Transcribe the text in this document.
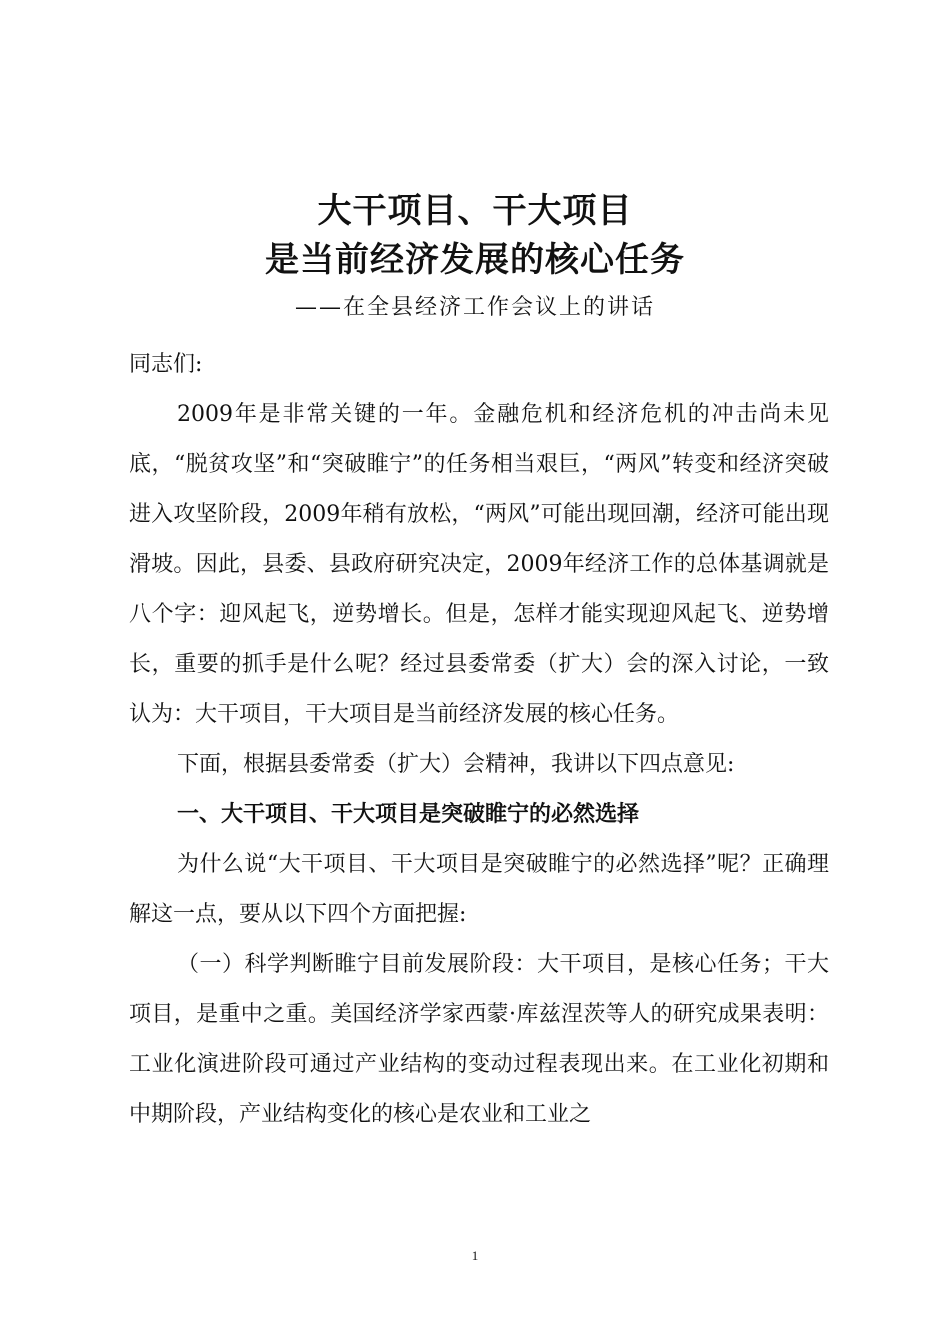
大干项目、干大项目
是当前经济发展的核心任务
——在全县经济工作会议上的讲话

同志们:

2009年是非常关键的一年。金融危机和经济危机的冲击尚未见底，“脱贫攻坚”和“突破睢宁”的任务相当艰巨，“两风”转变和经济突破进入攻坚阶段，2009年稍有放松，“两风”可能出现回潮，经济可能出现滑坡。因此，县委、县政府研究决定，2009年经济工作的总体基调就是八个字：迎风起飞，逆势增长。但是，怎样才能实现迎风起飞、逆势增长，重要的抓手是什么呢？经过县委常委（扩大）会的深入讨论，一致认为：大干项目，干大项目是当前经济发展的核心任务。

下面，根据县委常委（扩大）会精神，我讲以下四点意见:

一、大干项目、干大项目是突破睢宁的必然选择

为什么说“大干项目、干大项目是突破睢宁的必然选择”呢？正确理解这一点，要从以下四个方面把握:

（一）科学判断睢宁目前发展阶段：大干项目，是核心任务；干大项目，是重中之重。美国经济学家西蒙·库兹涅茨等人的研究成果表明：工业化演进阶段可通过产业结构的变动过程表现出来。在工业化初期和中期阶段，产业结构变化的核心是农业和工业之

1
